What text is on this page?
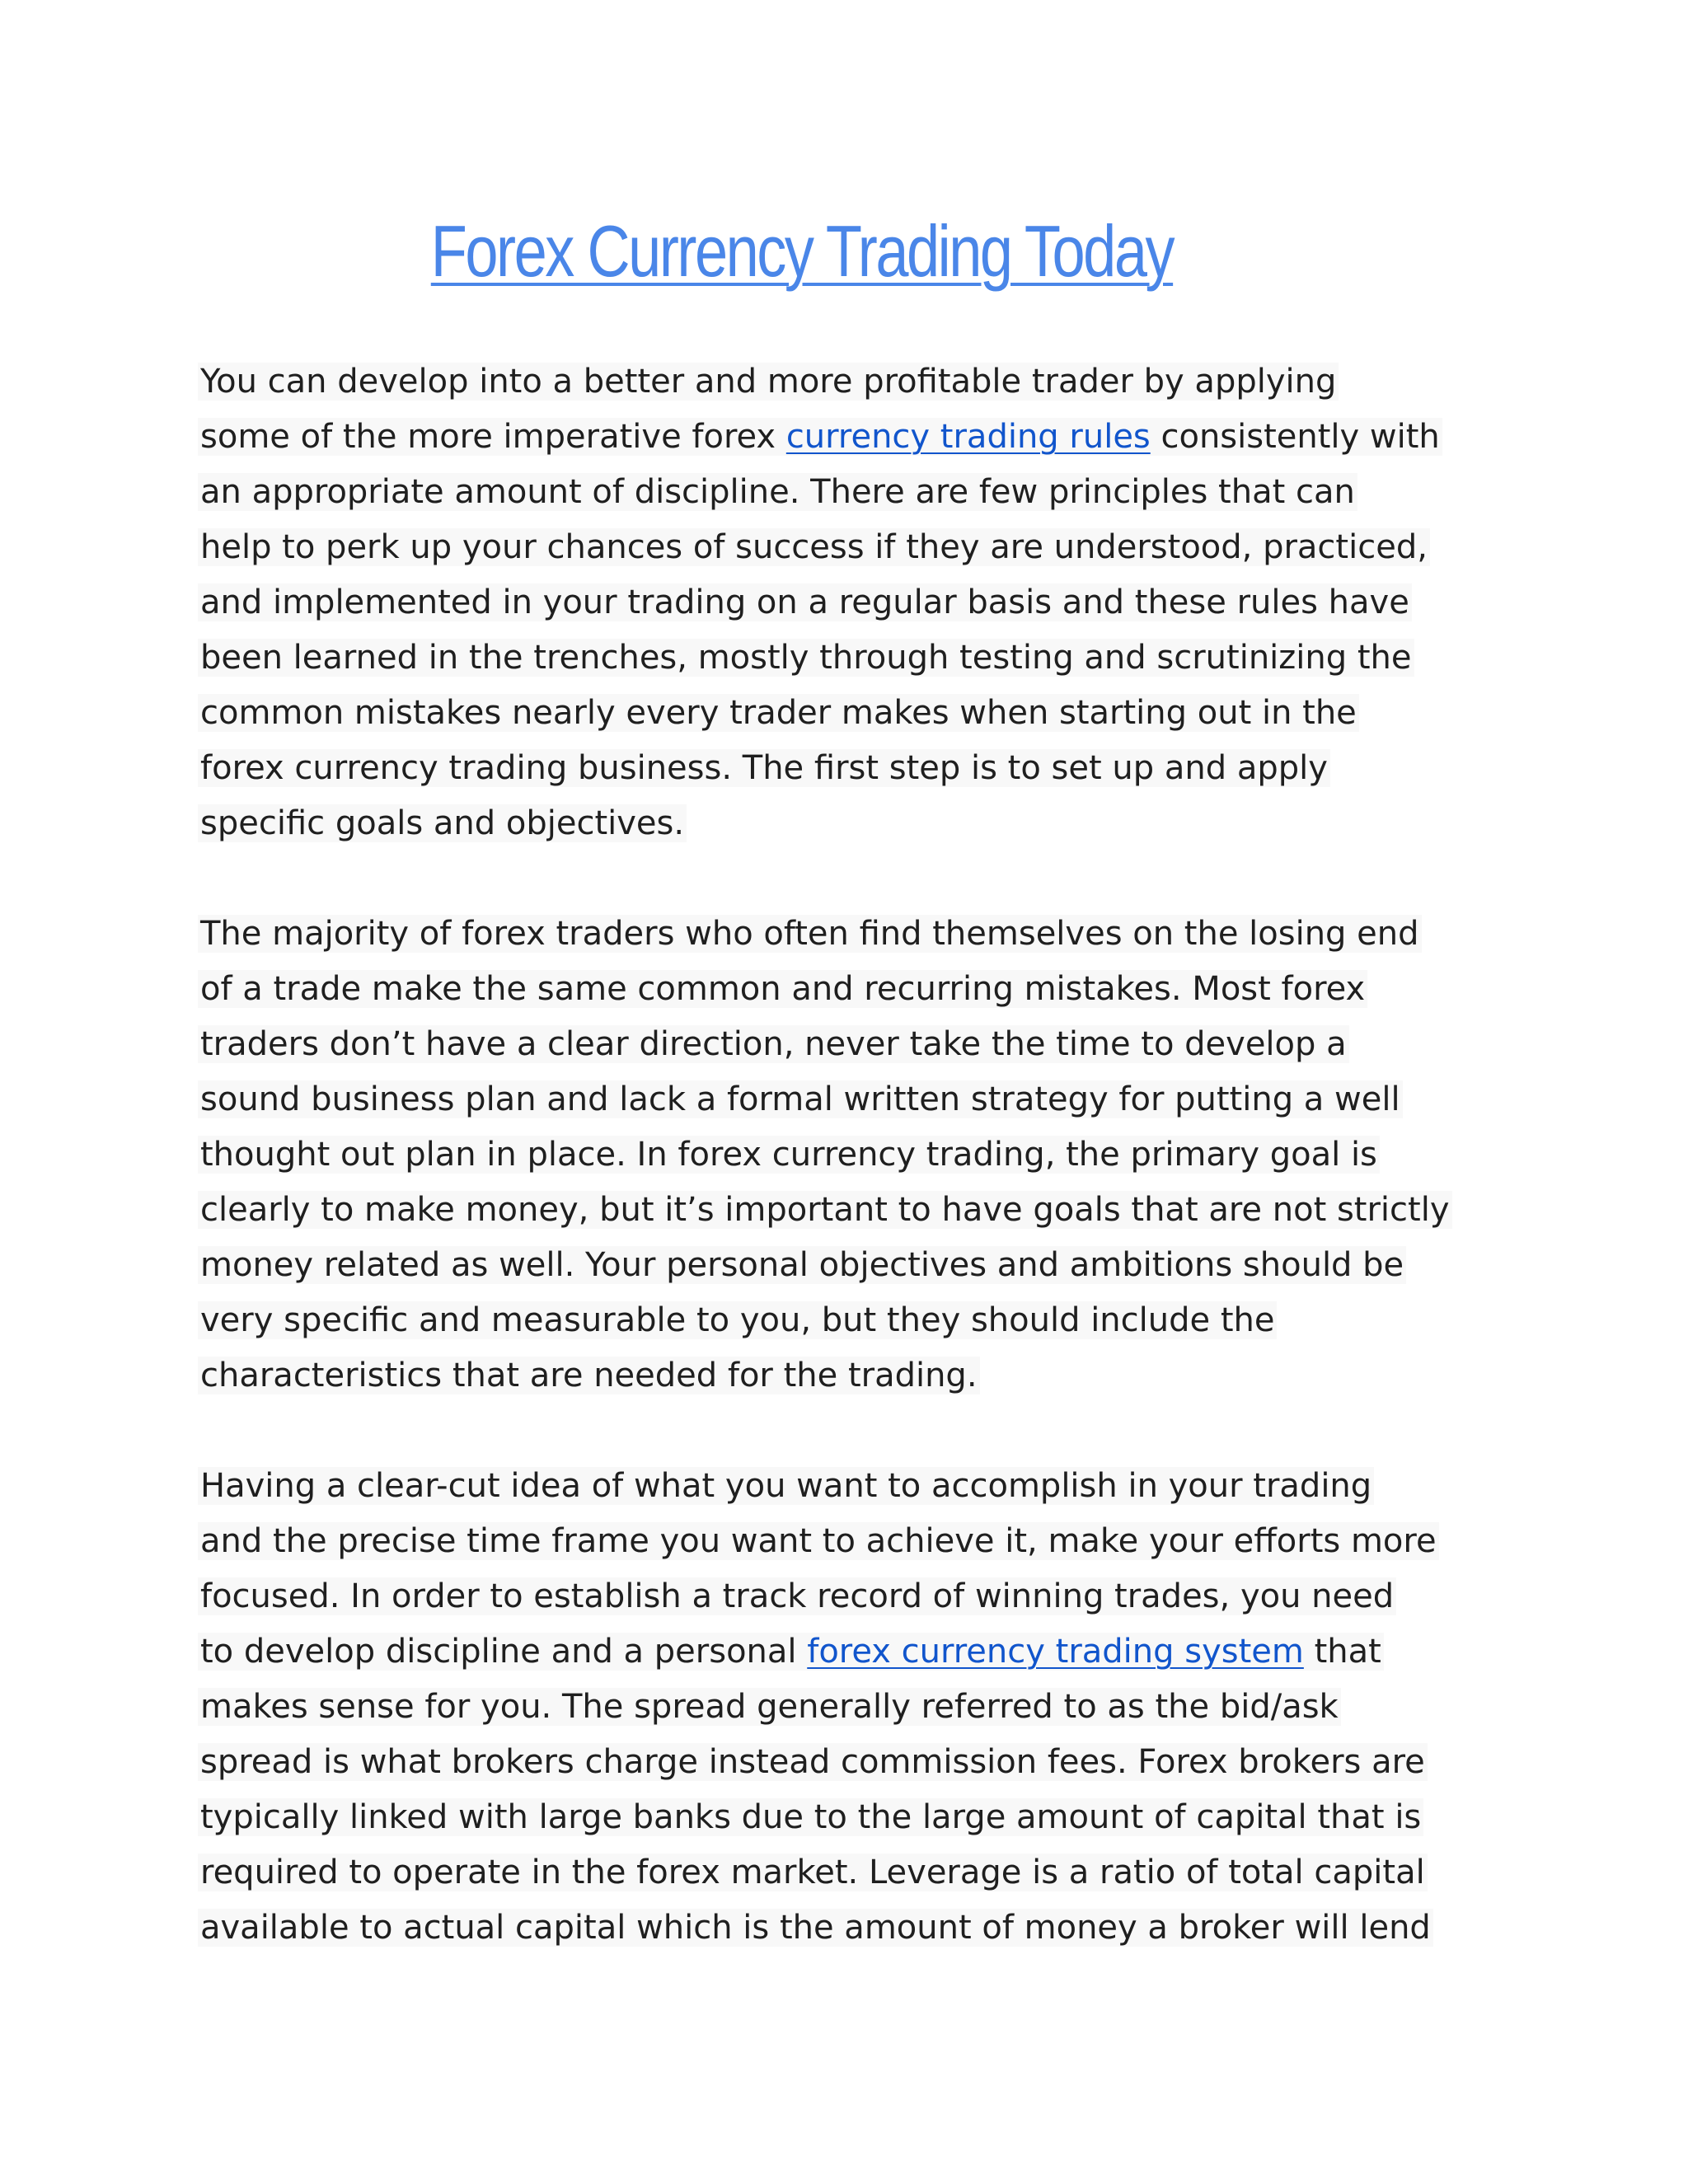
Forex Currency Trading Today
You can develop into a better and more profitable trader by applying
some of the more imperative forex currency trading rules consistently with
an appropriate amount of discipline. There are few principles that can
help to perk up your chances of success if they are understood, practiced,
and implemented in your trading on a regular basis and these rules have
been learned in the trenches, mostly through testing and scrutinizing the
common mistakes nearly every trader makes when starting out in the
forex currency trading business. The first step is to set up and apply
specific goals and objectives.
The majority of forex traders who often find themselves on the losing end
of a trade make the same common and recurring mistakes. Most forex
traders don’t have a clear direction, never take the time to develop a
sound business plan and lack a formal written strategy for putting a well
thought out plan in place. In forex currency trading, the primary goal is
clearly to make money, but it’s important to have goals that are not strictly
money related as well. Your personal objectives and ambitions should be
very specific and measurable to you, but they should include the
characteristics that are needed for the trading.
Having a clear-cut idea of what you want to accomplish in your trading
and the precise time frame you want to achieve it, make your efforts more
focused. In order to establish a track record of winning trades, you need
to develop discipline and a personal forex currency trading system that
makes sense for you. The spread generally referred to as the bid/ask
spread is what brokers charge instead commission fees. Forex brokers are
typically linked with large banks due to the large amount of capital that is
required to operate in the forex market. Leverage is a ratio of total capital
available to actual capital which is the amount of money a broker will lend
